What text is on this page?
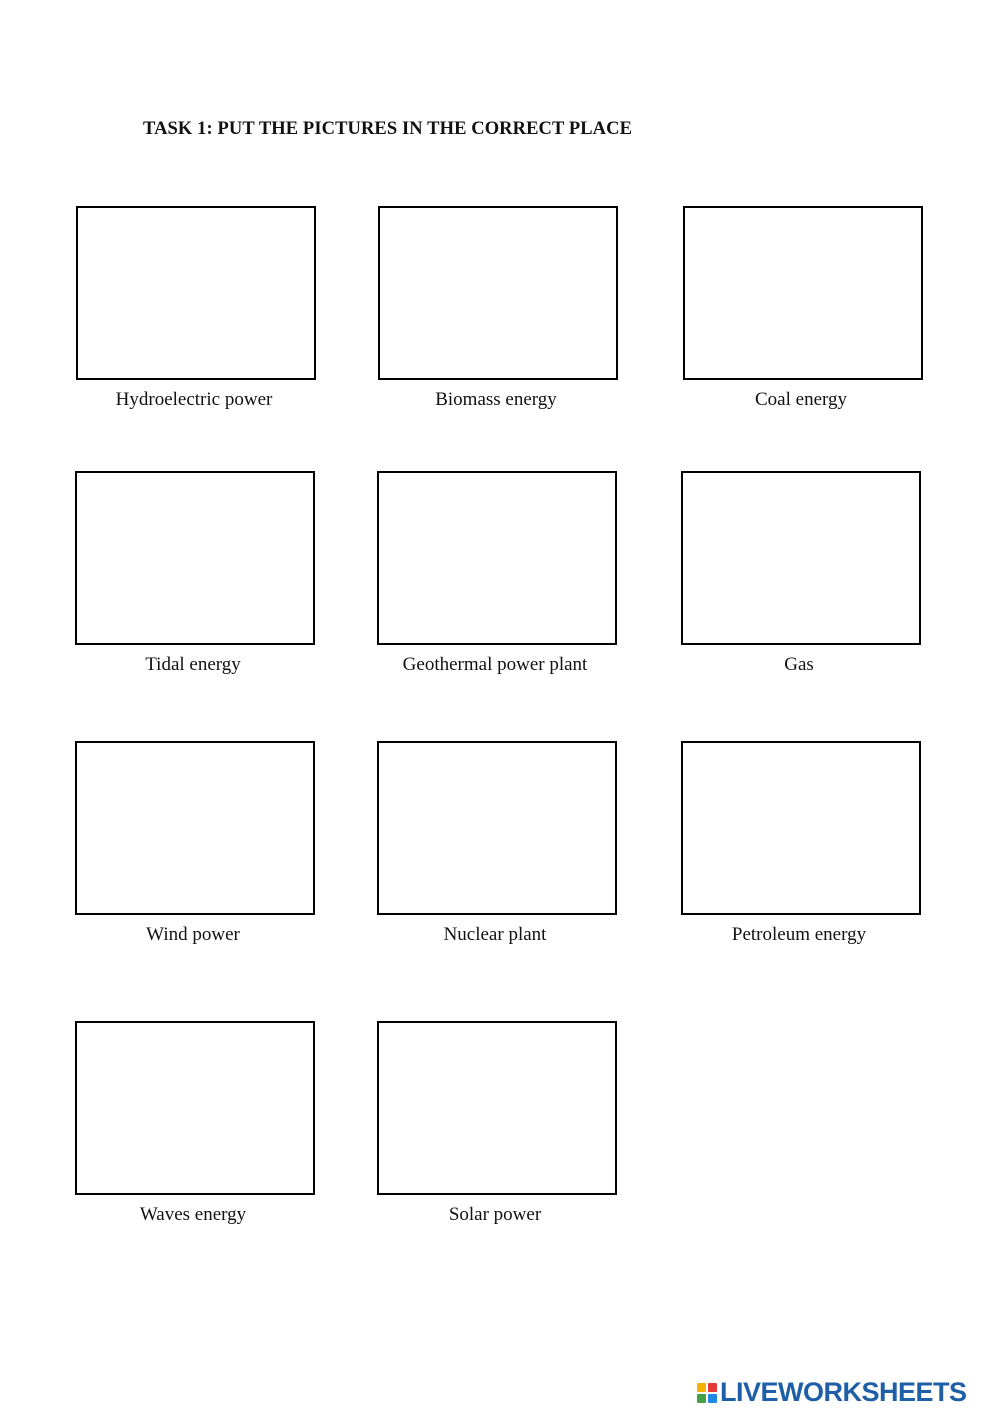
TASK 1: PUT THE PICTURES IN THE CORRECT PLACE
Hydroelectric power	Biomass energy	Coal energy
Tidal energy	Geothermal power plant	Gas
Wind power	Nuclear plant	Petroleum energy
Waves energy	Solar power
LIVEWORKSHEETS
